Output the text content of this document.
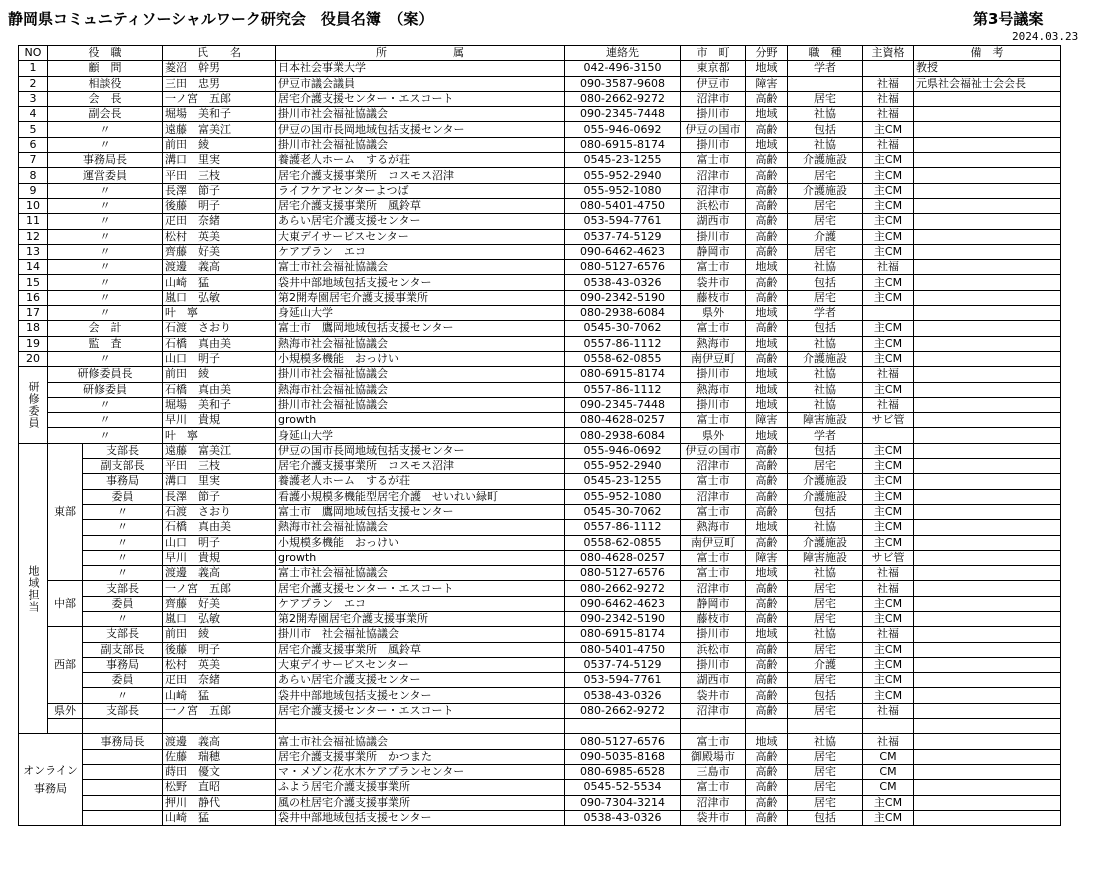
静岡県コミュニティソーシャルワーク研究会　役員名簿　（案）	第3号議案
2024.03.23
NO	役　職		氏　　名	所　　　　　　属	連絡先	市　町	分野	職　種	主資格	備　考
1	顧　問		菱沼　幹男	日本社会事業大学	042-496-3150	東京都	地域	学者		教授
2	相談役		三田　忠男	伊豆市議会議員	090-3587-9608	伊豆市	障害		社福	元県社会福祉士会会長
3	会　長		一ノ宮　五郎	居宅介護支援センター・エスコート	080-2662-9272	沼津市	高齢	居宅	社福	
4	副会長		堀場　美和子	掛川市社会福祉協議会	090-2345-7448	掛川市	地域	社協	社福	
5	〃		遠藤　富美江	伊豆の国市長岡地域包括支援センター	055-946-0692	伊豆の国市	高齢	包括	主CM	
6	〃		前田　綾	掛川市社会福祉協議会	080-6915-8174	掛川市	地域	社協	社福	
7	事務局長		溝口　里実	養護老人ホーム　するが荘	0545-23-1255	富士市	高齢	介護施設	主CM	
8	運営委員		平田　三枝	居宅介護支援事業所　コスモス沼津	055-952-2940	沼津市	高齢	居宅	主CM	
9	〃		長澤　節子	ライフケアセンターよつば	055-952-1080	沼津市	高齢	介護施設	主CM	
10	〃		後藤　明子	居宅介護支援事業所　風鈴草	080-5401-4750	浜松市	高齢	居宅	主CM	
11	〃		疋田　奈緒	あらい居宅介護支援センター	053-594-7761	湖西市	高齢	居宅	主CM	
12	〃		松村　英美	大東デイサービスセンター	0537-74-5129	掛川市	高齢	介護	主CM	
13	〃		齊藤　好美	ケアプラン　エコ	090-6462-4623	静岡市	高齢	居宅	主CM	
14	〃		渡邊　義高	富士市社会福祉協議会	080-5127-6576	富士市	地域	社協	社福	
15	〃		山崎　猛	袋井中部地域包括支援センター	0538-43-0326	袋井市	高齢	包括	主CM	
16	〃		嵐口　弘敏	第2開寿園居宅介護支援事業所	090-2342-5190	藤枝市	高齢	居宅	主CM	
17	〃		叶　寧	身延山大学	080-2938-6084	県外	地域	学者		
18	会　計		石渡　さおり	富士市　鷹岡地域包括支援センター	0545-30-7062	富士市	高齢	包括	主CM	
19	監　査		石橋　真由美	熱海市社会福祉協議会	0557-86-1112	熱海市	地域	社協	主CM	
20	〃		山口　明子	小規模多機能　おっけい	0558-62-0855	南伊豆町	高齢	介護施設	主CM	
研修委員	研修委員長		前田　綾	掛川市社会福祉協議会	080-6915-8174	掛川市	地域	社協	社福	
	研修委員		石橋　真由美	熱海市社会福祉協議会	0557-86-1112	熱海市	地域	社協	主CM	
	〃		堀場　美和子	掛川市社会福祉協議会	090-2345-7448	掛川市	地域	社協	社福	
	〃		早川　貴規	growth	080-4628-0257	富士市	障害	障害施設	サビ管	
	〃		叶　寧	身延山大学	080-2938-6084	県外	地域	学者		
地域担当	東部	支部長	遠藤　富美江	伊豆の国市長岡地域包括支援センター	055-946-0692	伊豆の国市	高齢	包括	主CM	
		副支部長	平田　三枝	居宅介護支援事業所　コスモス沼津	055-952-2940	沼津市	高齢	居宅	主CM	
		事務局	溝口　里実	養護老人ホーム　するが荘	0545-23-1255	富士市	高齢	介護施設	主CM	
		委員	長澤　節子	看護小規模多機能型居宅介護　せいれい緑町	055-952-1080	沼津市	高齢	介護施設	主CM	
		〃	石渡　さおり	富士市　鷹岡地域包括支援センター	0545-30-7062	富士市	高齢	包括	主CM	
		〃	石橋　真由美	熱海市社会福祉協議会	0557-86-1112	熱海市	地域	社協	主CM	
		〃	山口　明子	小規模多機能　おっけい	0558-62-0855	南伊豆町	高齢	介護施設	主CM	
		〃	早川　貴規	growth	080-4628-0257	富士市	障害	障害施設	サビ管	
		〃	渡邊　義高	富士市社会福祉協議会	080-5127-6576	富士市	地域	社協	社福	
	中部	支部長	一ノ宮　五郎	居宅介護支援センター・エスコート	080-2662-9272	沼津市	高齢	居宅	社福	
		委員	齊藤　好美	ケアプラン　エコ	090-6462-4623	静岡市	高齢	居宅	主CM	
		〃	嵐口　弘敏	第2開寿園居宅介護支援事業所	090-2342-5190	藤枝市	高齢	居宅	主CM	
	西部	支部長	前田　綾	掛川市　社会福祉協議会	080-6915-8174	掛川市	地域	社協	社福	
		副支部長	後藤　明子	居宅介護支援事業所　風鈴草	080-5401-4750	浜松市	高齢	居宅	主CM	
		事務局	松村　英美	大東デイサービスセンター	0537-74-5129	掛川市	高齢	介護	主CM	
		委員	疋田　奈緒	あらい居宅介護支援センター	053-594-7761	湖西市	高齢	居宅	主CM	
		〃	山崎　猛	袋井中部地域包括支援センター	0538-43-0326	袋井市	高齢	包括	主CM	
	県外	支部長	一ノ宮　五郎	居宅介護支援センター・エスコート	080-2662-9272	沼津市	高齢	居宅	社福	

オンライン事務局		事務局長	渡邊　義高	富士市社会福祉協議会	080-5127-6576	富士市	地域	社協	社福	
			佐藤　瑞穂	居宅介護支援事業所　かつまた	090-5035-8168	御殿場市	高齢	居宅	CM	
			蒔田　優文	マ・メゾン花水木ケアプランセンター	080-6985-6528	三島市	高齢	居宅	CM	
			松野　直昭	ふよう居宅介護支援事業所	0545-52-5534	富士市	高齢	居宅	CM	
			押川　静代	風の杜居宅介護支援事業所	090-7304-3214	沼津市	高齢	居宅	主CM	
			山崎　猛	袋井中部地域包括支援センター	0538-43-0326	袋井市	高齢	包括	主CM	
